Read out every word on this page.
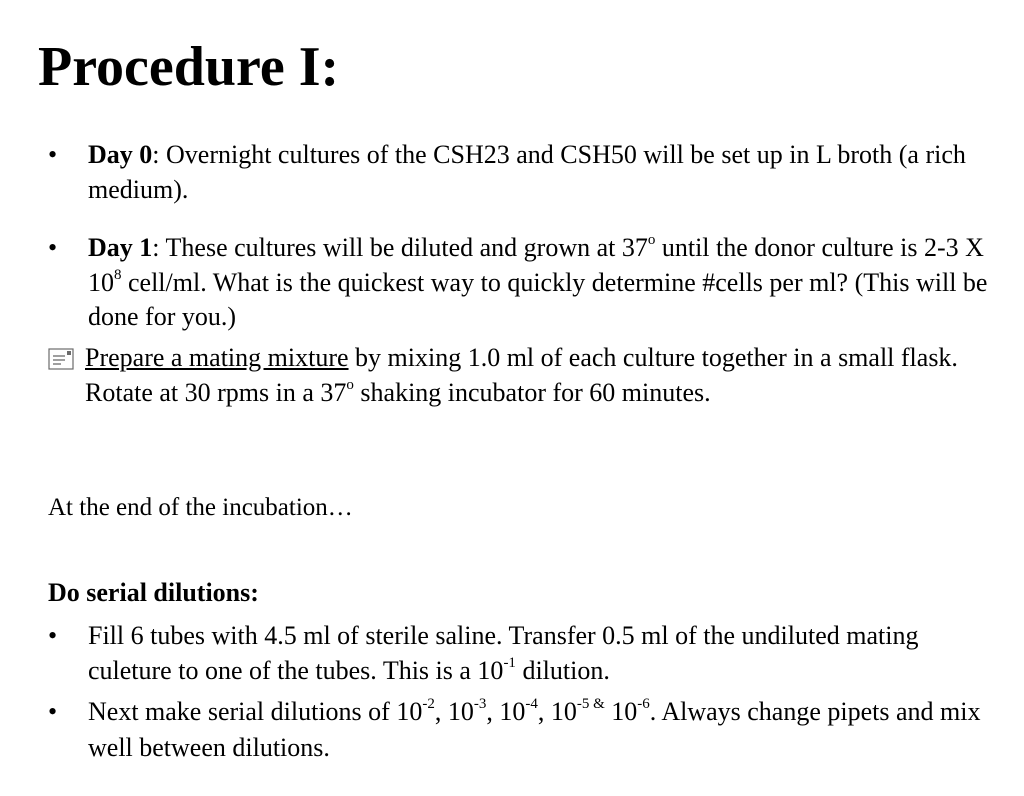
Procedure I:
•	Day 0: Overnight cultures of the CSH23 and CSH50 will be set up in L broth (a rich medium).
•	Day 1: These cultures will be diluted and grown at 37$^o$ until the donor culture is 2-3 X $10^8$ cell/ml. What is the quickest way to quickly determine #cells per ml? (This will be done for you.)
Prepare a mating mixture by mixing 1.0 ml of each culture together in a small flask. Rotate at 30 rpms in a 37$^o$ shaking incubator for 60 minutes.
At the end of the incubation…
Do serial dilutions:
•	Fill 6 tubes with 4.5 ml of sterile saline. Transfer 0.5 ml of the undiluted mating culeture to one of the tubes. This is a $10^{-1}$ dilution.
•	Next make serial dilutions of $10^{-2}$, $10^{-3}$, $10^{-4}$, $10^{-5 \&}$ $10^{-6}$. Always change pipets and mix well between dilutions.
